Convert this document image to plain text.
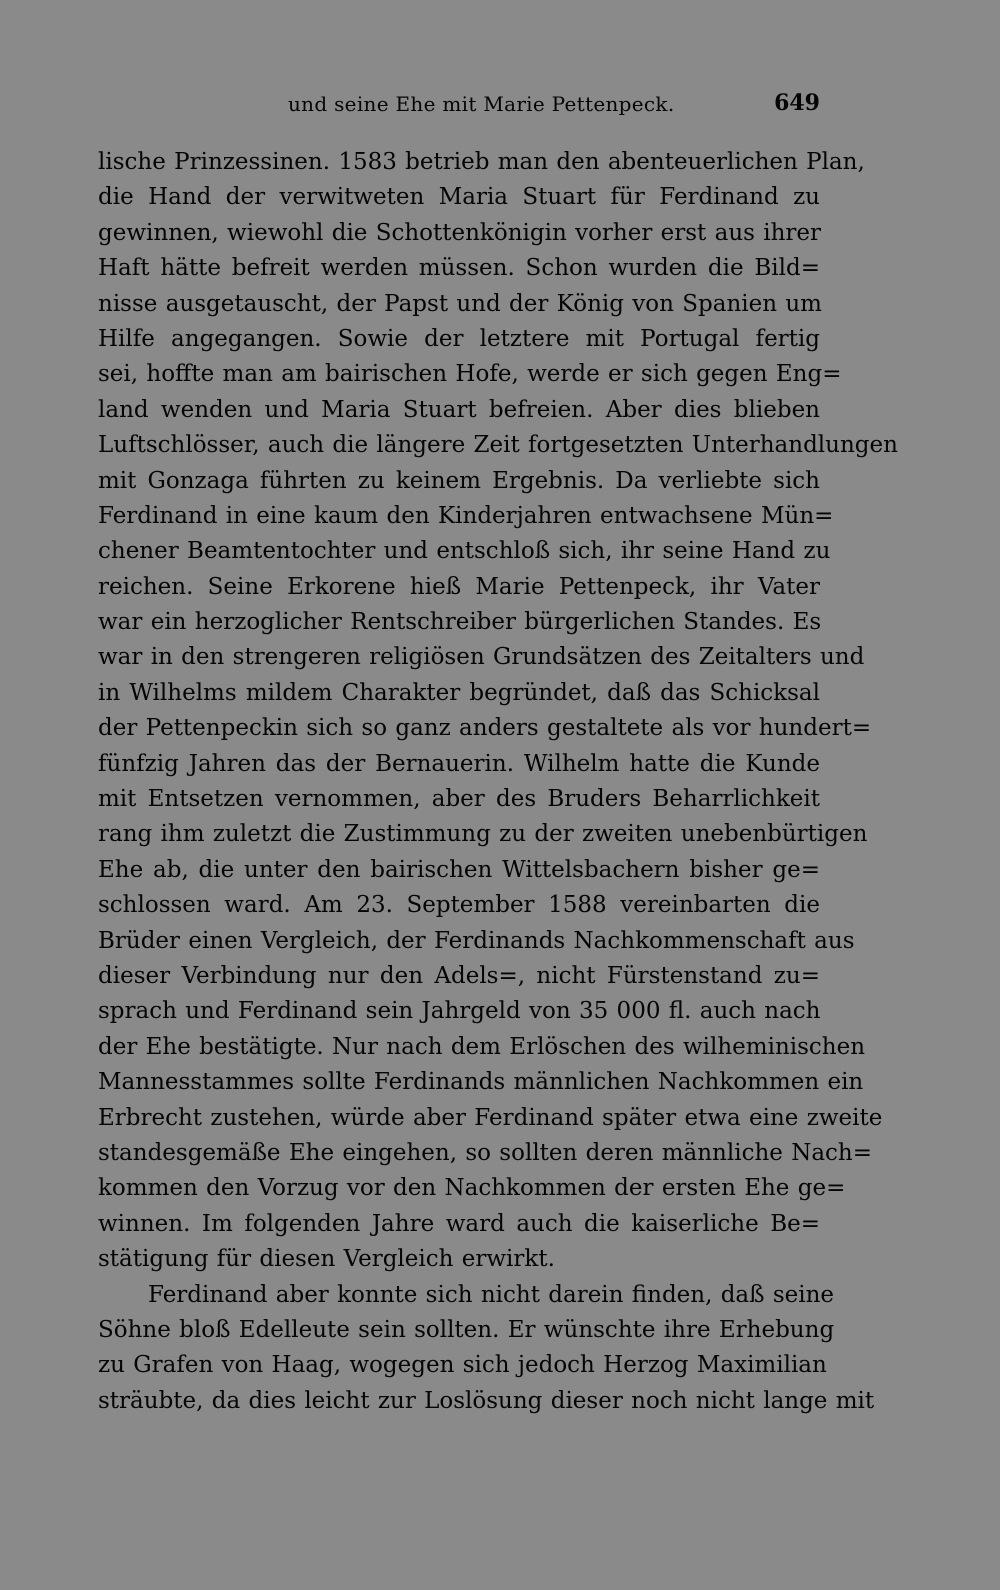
und seine Ehe mit Marie Pettenpeck.	649
lische Prinzessinen. 1583 betrieb man den abenteuerlichen Plan,
die Hand der verwitweten Maria Stuart für Ferdinand zu
gewinnen, wiewohl die Schottenkönigin vorher erst aus ihrer
Haft hätte befreit werden müssen. Schon wurden die Bild=
nisse ausgetauscht, der Papst und der König von Spanien um
Hilfe angegangen. Sowie der letztere mit Portugal fertig
sei, hoffte man am bairischen Hofe, werde er sich gegen Eng=
land wenden und Maria Stuart befreien. Aber dies blieben
Luftschlösser, auch die längere Zeit fortgesetzten Unterhandlungen
mit Gonzaga führten zu keinem Ergebnis. Da verliebte sich
Ferdinand in eine kaum den Kinderjahren entwachsene Mün=
chener Beamtentochter und entschloß sich, ihr seine Hand zu
reichen. Seine Erkorene hieß Marie Pettenpeck, ihr Vater
war ein herzoglicher Rentschreiber bürgerlichen Standes. Es
war in den strengeren religiösen Grundsätzen des Zeitalters und
in Wilhelms mildem Charakter begründet, daß das Schicksal
der Pettenpeckin sich so ganz anders gestaltete als vor hundert=
fünfzig Jahren das der Bernauerin. Wilhelm hatte die Kunde
mit Entsetzen vernommen, aber des Bruders Beharrlichkeit
rang ihm zuletzt die Zustimmung zu der zweiten unebenbürtigen
Ehe ab, die unter den bairischen Wittelsbachern bisher ge=
schlossen ward. Am 23. September 1588 vereinbarten die
Brüder einen Vergleich, der Ferdinands Nachkommenschaft aus
dieser Verbindung nur den Adels=, nicht Fürstenstand zu=
sprach und Ferdinand sein Jahrgeld von 35 000 fl. auch nach
der Ehe bestätigte. Nur nach dem Erlöschen des wilheminischen
Mannesstammes sollte Ferdinands männlichen Nachkommen ein
Erbrecht zustehen, würde aber Ferdinand später etwa eine zweite
standesgemäße Ehe eingehen, so sollten deren männliche Nach=
kommen den Vorzug vor den Nachkommen der ersten Ehe ge=
winnen. Im folgenden Jahre ward auch die kaiserliche Be=
stätigung für diesen Vergleich erwirkt.
Ferdinand aber konnte sich nicht darein finden, daß seine
Söhne bloß Edelleute sein sollten. Er wünschte ihre Erhebung
zu Grafen von Haag, wogegen sich jedoch Herzog Maximilian
sträubte, da dies leicht zur Loslösung dieser noch nicht lange mit
